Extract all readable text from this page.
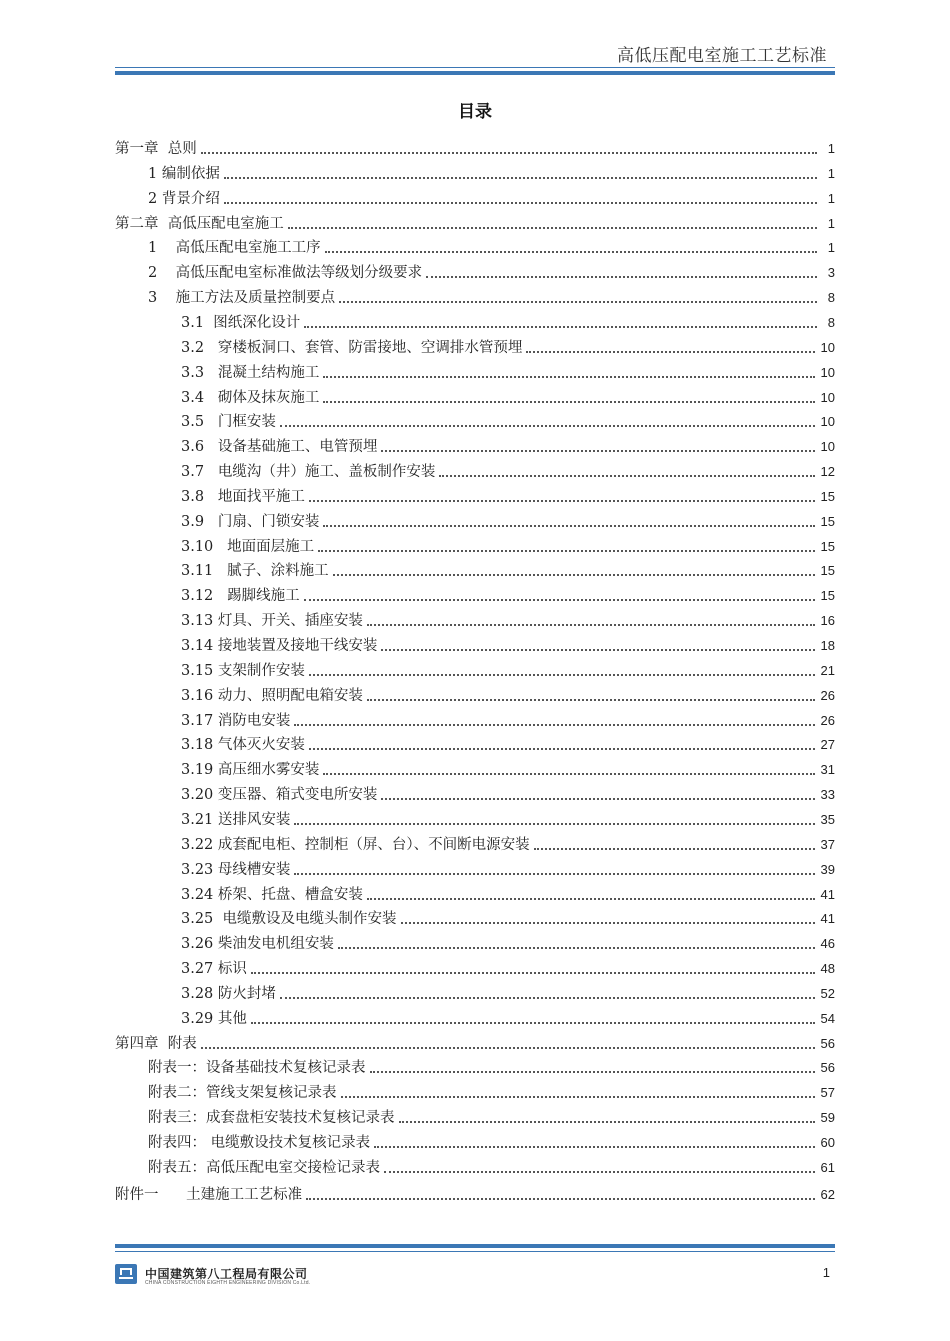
高低压配电室施工工艺标准
目录
第一章  总则	1
1 编制依据	1
2 背景介绍	1
第二章  高低压配电室施工	1
1    高低压配电室施工工序	1
2    高低压配电室标准做法等级划分级要求	3
3    施工方法及质量控制要点	8
3.1  图纸深化设计	8
3.2   穿楼板洞口、套管、防雷接地、空调排水管预埋	10
3.3   混凝土结构施工	10
3.4   砌体及抹灰施工	10
3.5   门框安装	10
3.6   设备基础施工、电管预埋	10
3.7   电缆沟（井）施工、盖板制作安装	12
3.8   地面找平施工	15
3.9   门扇、门锁安装	15
3.10   地面面层施工	15
3.11   腻子、涂料施工	15
3.12   踢脚线施工	15
3.13 灯具、开关、插座安装	16
3.14 接地装置及接地干线安装	18
3.15 支架制作安装	21
3.16 动力、照明配电箱安装	26
3.17 消防电安装	26
3.18 气体灭火安装	27
3.19 高压细水雾安装	31
3.20 变压器、箱式变电所安装	33
3.21 送排风安装	35
3.22 成套配电柜、控制柜（屏、台）、不间断电源安装	37
3.23 母线槽安装	39
3.24 桥架、托盘、槽盒安装	41
3.25  电缆敷设及电缆头制作安装	41
3.26 柴油发电机组安装	46
3.27 标识	48
3.28 防火封堵	52
3.29 其他	54
第四章  附表	56
附表一：设备基础技术复核记录表	56
附表二：管线支架复核记录表	57
附表三：成套盘柜安装技术复核记录表	59
附表四： 电缆敷设技术复核记录表	60
附表五：高低压配电室交接检记录表	61
附件一      土建施工工艺标准	62
中国建筑第八工程局有限公司
CHINA CONSTRUCTION EIGHTH ENGINEERING DIVISION Co.Ltd.
1
